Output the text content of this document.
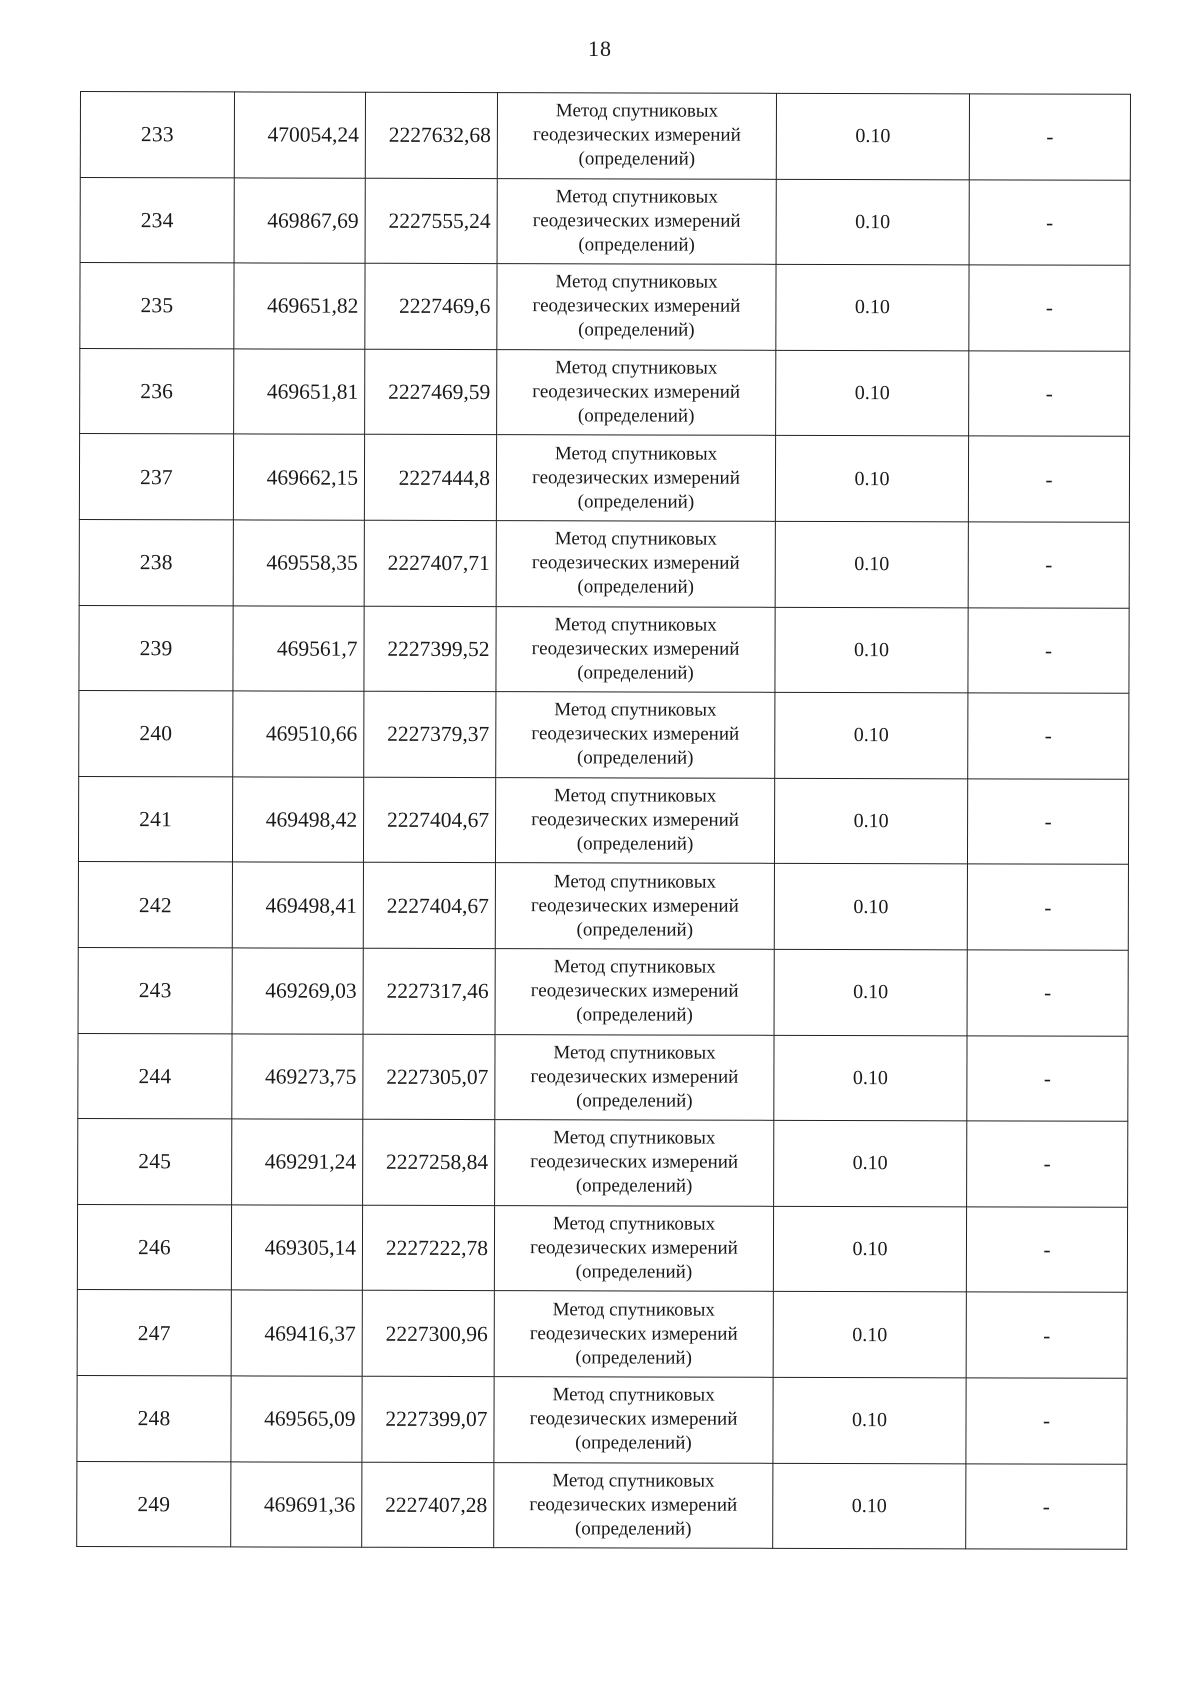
18
233	470054,24	2227632,68	Метод спутниковых
геодезических измерений
(определений)	0.10	-
234	469867,69	2227555,24	Метод спутниковых
геодезических измерений
(определений)	0.10	-
235	469651,82	2227469,6	Метод спутниковых
геодезических измерений
(определений)	0.10	-
236	469651,81	2227469,59	Метод спутниковых
геодезических измерений
(определений)	0.10	-
237	469662,15	2227444,8	Метод спутниковых
геодезических измерений
(определений)	0.10	-
238	469558,35	2227407,71	Метод спутниковых
геодезических измерений
(определений)	0.10	-
239	469561,7	2227399,52	Метод спутниковых
геодезических измерений
(определений)	0.10	-
240	469510,66	2227379,37	Метод спутниковых
геодезических измерений
(определений)	0.10	-
241	469498,42	2227404,67	Метод спутниковых
геодезических измерений
(определений)	0.10	-
242	469498,41	2227404,67	Метод спутниковых
геодезических измерений
(определений)	0.10	-
243	469269,03	2227317,46	Метод спутниковых
геодезических измерений
(определений)	0.10	-
244	469273,75	2227305,07	Метод спутниковых
геодезических измерений
(определений)	0.10	-
245	469291,24	2227258,84	Метод спутниковых
геодезических измерений
(определений)	0.10	-
246	469305,14	2227222,78	Метод спутниковых
геодезических измерений
(определений)	0.10	-
247	469416,37	2227300,96	Метод спутниковых
геодезических измерений
(определений)	0.10	-
248	469565,09	2227399,07	Метод спутниковых
геодезических измерений
(определений)	0.10	-
249	469691,36	2227407,28	Метод спутниковых
геодезических измерений
(определений)	0.10	-
